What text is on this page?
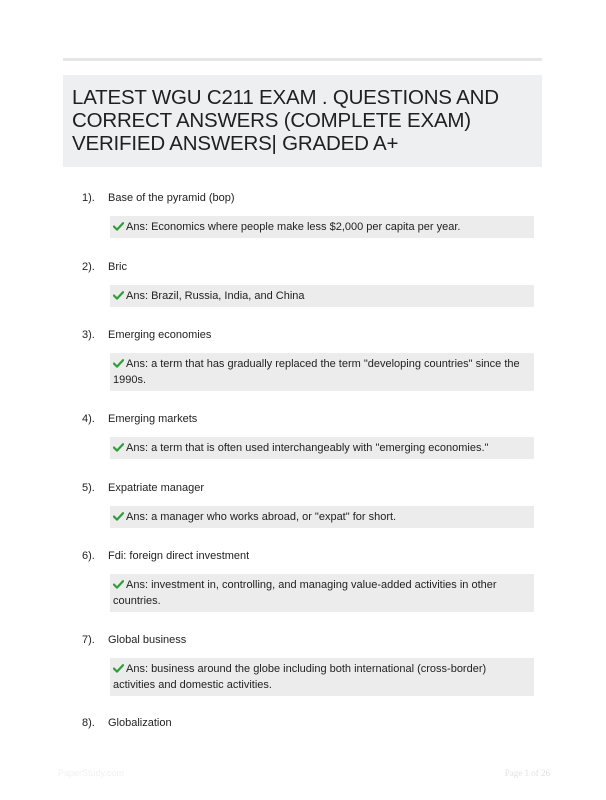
LATEST WGU C211 EXAM . QUESTIONS AND CORRECT ANSWERS (COMPLETE EXAM) VERIFIED ANSWERS| GRADED A+
1). Base of the pyramid (bop)
Ans: Economics where people make less $2,000 per capita per year.
2). Bric
Ans: Brazil, Russia, India, and China
3). Emerging economies
Ans: a term that has gradually replaced the term "developing countries" since the 1990s.
4). Emerging markets
Ans: a term that is often used interchangeably with "emerging economies."
5). Expatriate manager
Ans: a manager who works abroad, or "expat" for short.
6). Fdi: foreign direct investment
Ans: investment in, controlling, and managing value-added activities in other countries.
7). Global business
Ans: business around the globe including both international (cross-border) activities and domestic activities.
8). Globalization
PaperStudy.com	Page 1 of 26
